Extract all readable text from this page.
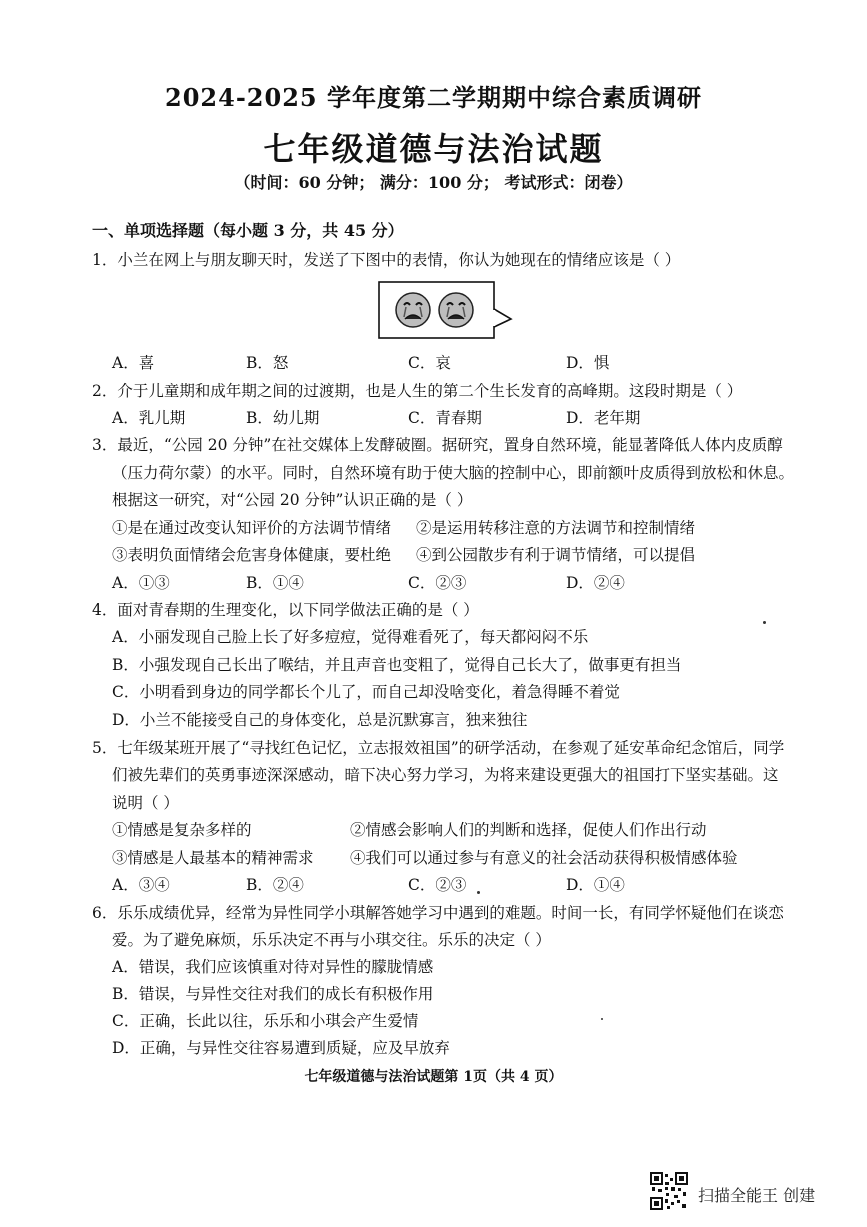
2024-2025 学年度第二学期期中综合素质调研
七年级道德与法治试题
（时间：60 分钟； 满分：100 分； 考试形式：闭卷）
一、单项选择题（每小题 3 分，共 45 分）
1．小兰在网上与朋友聊天时，发送了下图中的表情，你认为她现在的情绪应该是（ ）
A．喜	B．怒	C．哀	D．惧
2．介于儿童期和成年期之间的过渡期，也是人生的第二个生长发育的高峰期。这段时期是（ ）
A．乳儿期	B．幼儿期	C．青春期	D．老年期
3．最近，“公园 20 分钟”在社交媒体上发酵破圈。据研究，置身自然环境，能显著降低人体内皮质醇
（压力荷尔蒙）的水平。同时，自然环境有助于使大脑的控制中心，即前额叶皮质得到放松和休息。
根据这一研究，对“公园 20 分钟”认识正确的是（ ）
①是在通过改变认知评价的方法调节情绪 ②是运用转移注意的方法调节和控制情绪
③表明负面情绪会危害身体健康，要杜绝 ④到公园散步有利于调节情绪，可以提倡
A．①③	B．①④	C．②③	D．②④
4．面对青春期的生理变化，以下同学做法正确的是（ ）
A．小丽发现自己脸上长了好多痘痘，觉得难看死了，每天都闷闷不乐
B．小强发现自己长出了喉结，并且声音也变粗了，觉得自己长大了，做事更有担当
C．小明看到身边的同学都长个儿了，而自己却没啥变化，着急得睡不着觉
D．小兰不能接受自己的身体变化，总是沉默寡言，独来独往
5．七年级某班开展了“寻找红色记忆，立志报效祖国”的研学活动，在参观了延安革命纪念馆后，同学
们被先辈们的英勇事迹深深感动，暗下决心努力学习，为将来建设更强大的祖国打下坚实基础。这
说明（ ）
①情感是复杂多样的	②情感会影响人们的判断和选择，促使人们作出行动
③情感是人最基本的精神需求 ④我们可以通过参与有意义的社会活动获得积极情感体验
A．③④	B．②④	C．②③	D．①④
6．乐乐成绩优异，经常为异性同学小琪解答她学习中遇到的难题。时间一长，有同学怀疑他们在谈恋
爱。为了避免麻烦，乐乐决定不再与小琪交往。乐乐的决定（ ）
A．错误，我们应该慎重对待对异性的朦胧情感
B．错误，与异性交往对我们的成长有积极作用
C．正确，长此以往，乐乐和小琪会产生爱情
D．正确，与异性交往容易遭到质疑，应及早放弃
七年级道德与法治试题第 1页（共 4 页）
扫描全能王 创建
